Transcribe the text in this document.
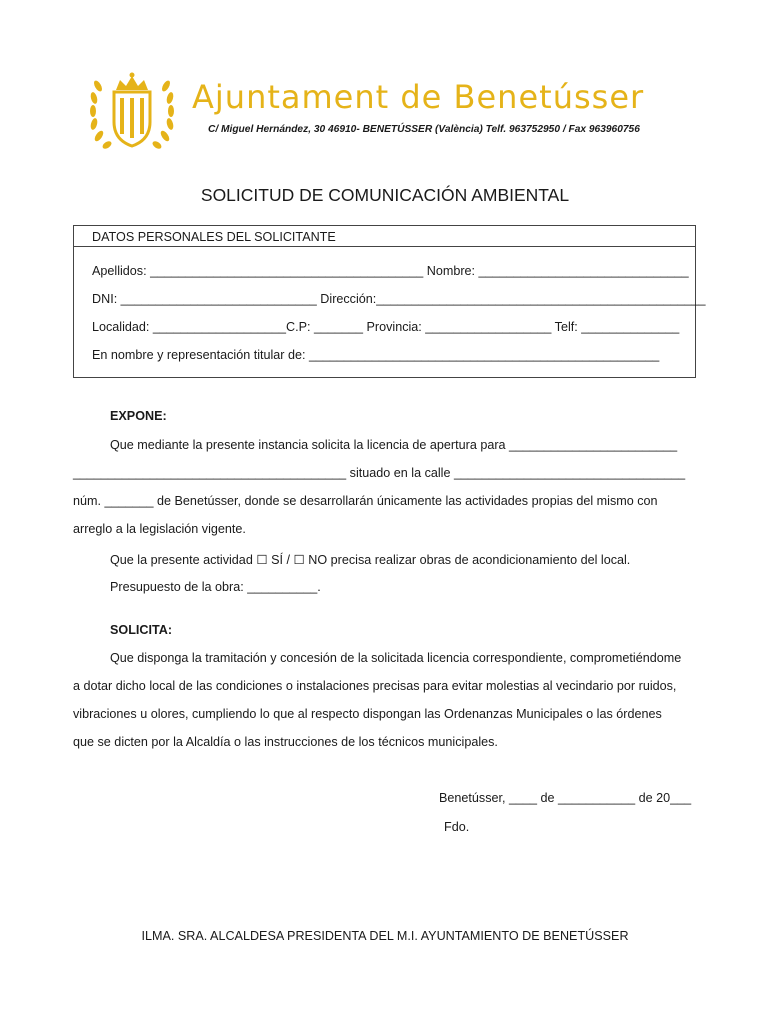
Ajuntament de Benetússer
C/ Miguel Hernández, 30 46910- BENETÚSSER (València) Telf. 963752950 / Fax 963960756
SOLICITUD DE COMUNICACIÓN AMBIENTAL
DATOS PERSONALES DEL SOLICITANTE
Apellidos: _______________________________________ Nombre: ______________________________
DNI: ____________________________ Dirección:_______________________________________________
Localidad: ___________________C.P: _______ Provincia: __________________ Telf: ______________
En nombre y representación titular de: __________________________________________________
EXPONE:
Que mediante la presente instancia solicita la licencia de apertura para ________________________
_______________________________________ situado en la calle _________________________________
núm. _______ de Benetússer, donde se desarrollarán únicamente las actividades propias del mismo con
arreglo a la legislación vigente.
Que la presente actividad ☐ SÍ / ☐ NO precisa realizar obras de acondicionamiento del local.
Presupuesto de la obra: __________.
SOLICITA:
Que disponga la tramitación y concesión de la solicitada licencia correspondiente, comprometiéndome
a dotar dicho local de las condiciones o instalaciones precisas para evitar molestias al vecindario por ruidos,
vibraciones u olores, cumpliendo lo que al respecto dispongan las Ordenanzas Municipales o las órdenes
que se dicten por la Alcaldía o las instrucciones de los técnicos municipales.
Benetússer, ____ de ___________ de 20___
Fdo.
ILMA. SRA. ALCALDESA PRESIDENTA DEL M.I. AYUNTAMIENTO DE BENETÚSSER
